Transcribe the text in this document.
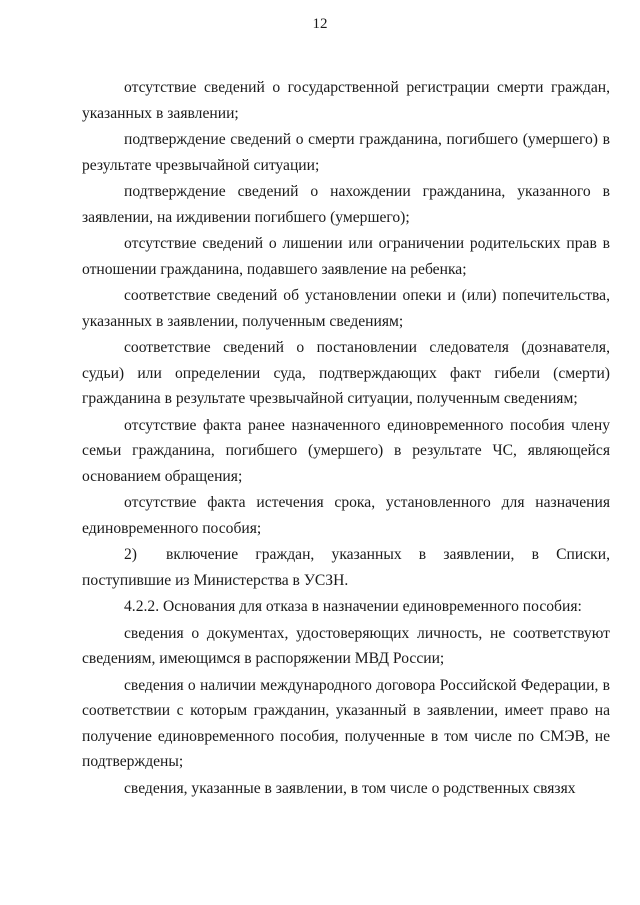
12

отсутствие сведений о государственной регистрации смерти граждан, указанных в заявлении;

подтверждение сведений о смерти гражданина, погибшего (умершего) в результате чрезвычайной ситуации;

подтверждение сведений о нахождении гражданина, указанного в заявлении, на иждивении погибшего (умершего);

отсутствие сведений о лишении или ограничении родительских прав в отношении гражданина, подавшего заявление на ребенка;

соответствие сведений об установлении опеки и (или) попечительства, указанных в заявлении, полученным сведениям;

соответствие сведений о постановлении следователя (дознавателя, судьи) или определении суда, подтверждающих факт гибели (смерти) гражданина в результате чрезвычайной ситуации, полученным сведениям;

отсутствие факта ранее назначенного единовременного пособия члену семьи гражданина, погибшего (умершего) в результате ЧС, являющейся основанием обращения;

отсутствие факта истечения срока, установленного для назначения единовременного пособия;

2) включение граждан, указанных в заявлении, в Списки, поступившие из Министерства в УСЗН.

4.2.2. Основания для отказа в назначении единовременного пособия:

сведения о документах, удостоверяющих личность, не соответствуют сведениям, имеющимся в распоряжении МВД России;

сведения о наличии международного договора Российской Федерации, в соответствии с которым гражданин, указанный в заявлении, имеет право на получение единовременного пособия, полученные в том числе по СМЭВ, не подтверждены;

сведения, указанные в заявлении, в том числе о родственных связях
